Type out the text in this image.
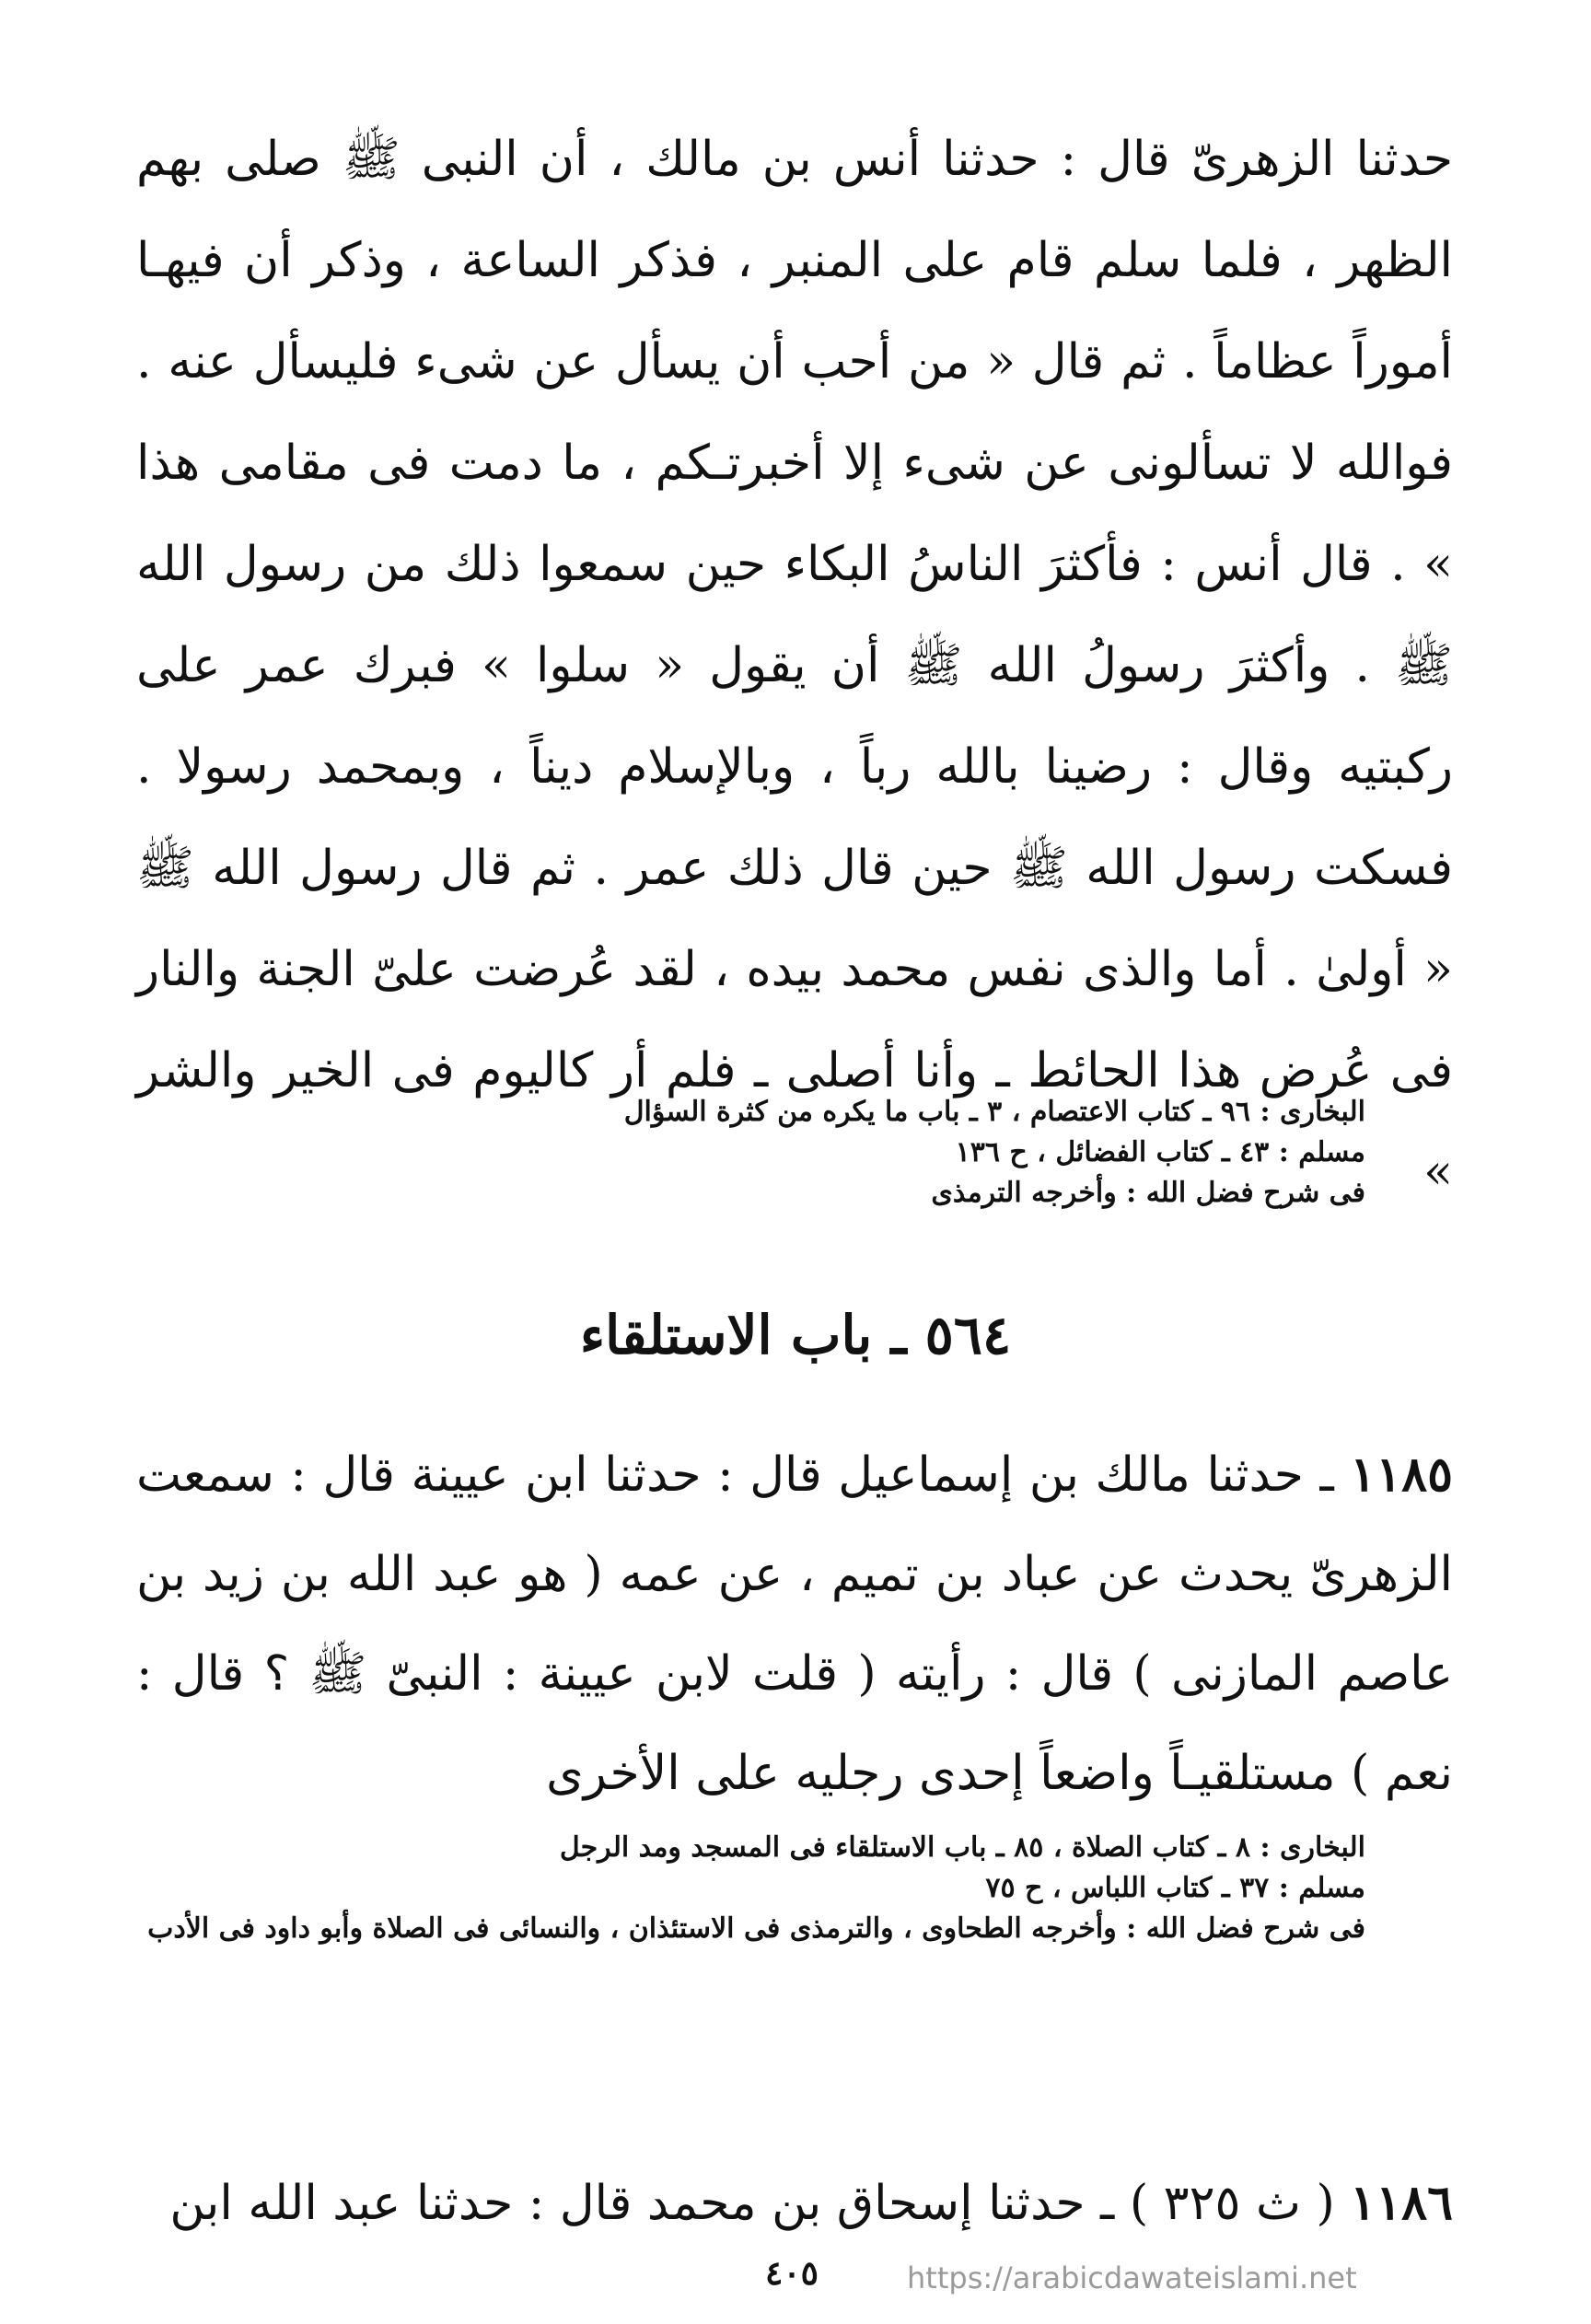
حدثنا الزهرىّ قال : حدثنا أنس بن مالك ، أن النبى ﷺ صلى بهم الظهر ، فلما سلم قام على المنبر ، فذكر الساعة ، وذكر أن فيهـا أموراً عظاماً . ثم قال « من أحب أن يسأل عن شىء فليسأل عنه . فوالله لا تسألونى عن شىء إلا أخبرتـكم ، ما دمت فى مقامى هذا » . قال أنس : فأكثرَ الناسُ البكاء حين سمعوا ذلك من رسول الله ﷺ . وأكثرَ رسولُ الله ﷺ أن يقول « سلوا » فبرك عمر على ركبتيه وقال : رضينا بالله رباً ، وبالإسلام ديناً ، وبمحمد رسولا . فسكت رسول الله ﷺ حين قال ذلك عمر . ثم قال رسول الله ﷺ « أولىٰ . أما والذى نفس محمد بيده ، لقد عُرضت علىّ الجنة والنار فى عُرض هذا الحائط ـ وأنا أصلى ـ فلم أر كاليوم فى الخير والشر »

البخارى : ٩٦ ـ كتاب الاعتصام ، ٣ ـ باب ما يكره من كثرة السؤال

مسلم : ٤٣ ـ كتاب الفضائل ، ح ١٣٦

فى شرح فضل الله : وأخرجه الترمذى

٥٦٤ ـ باب الاستلقاء

١١٨٥ ـ حدثنا مالك بن إسماعيل قال : حدثنا ابن عيينة قال : سمعت الزهرىّ يحدث عن عباد بن تميم ، عن عمه ( هو عبد الله بن زيد بن عاصم المازنى ) قال : رأيته ( قلت لابن عيينة : النبىّ ﷺ ؟ قال : نعم ) مستلقيـاً واضعاً إحدى رجليه على الأخرى

البخارى : ٨ ـ كتاب الصلاة ، ٨٥ ـ باب الاستلقاء فى المسجد ومد الرجل

مسلم : ٣٧ ـ كتاب اللباس ، ح ٧٥

فى شرح فضل الله : وأخرجه الطحاوى ، والترمذى فى الاستئذان ، والنسائى فى الصلاة وأبو داود فى الأدب

١١٨٦ ( ث ٣٢٥ ) ـ حدثنا إسحاق بن محمد قال : حدثنا عبد الله ابن

٤٠٥	https://arabicdawateislami.net
